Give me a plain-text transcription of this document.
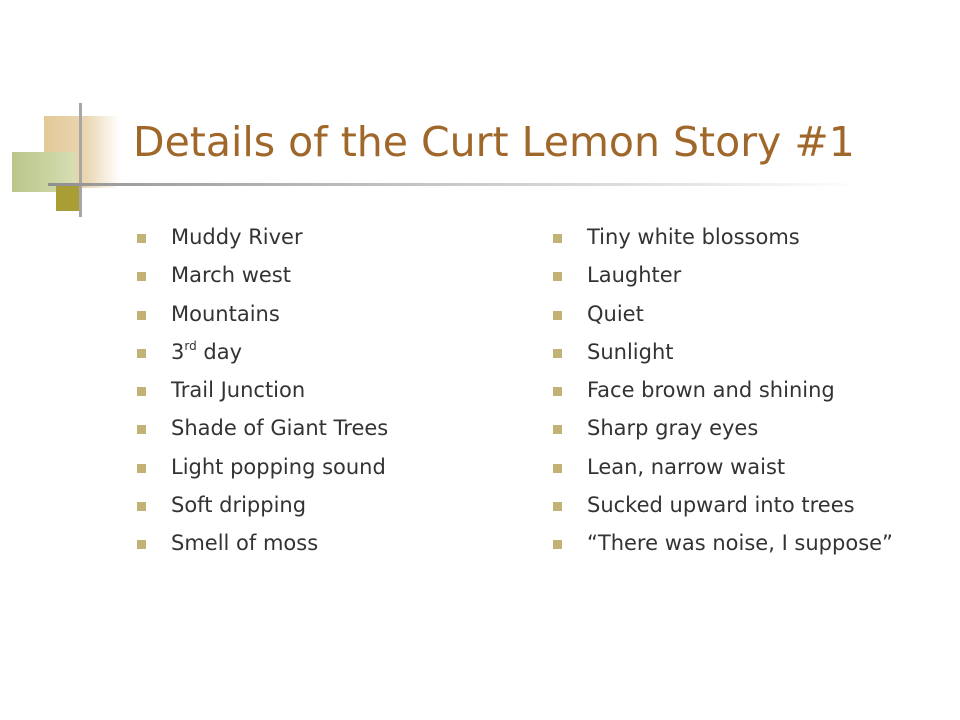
Details of the Curt Lemon Story #1
Muddy River
March west
Mountains
3rd day
Trail Junction
Shade of Giant Trees
Light popping sound
Soft dripping
Smell of moss
Tiny white blossoms
Laughter
Quiet
Sunlight
Face brown and shining
Sharp gray eyes
Lean, narrow waist
Sucked upward into trees
“There was noise, I suppose”
